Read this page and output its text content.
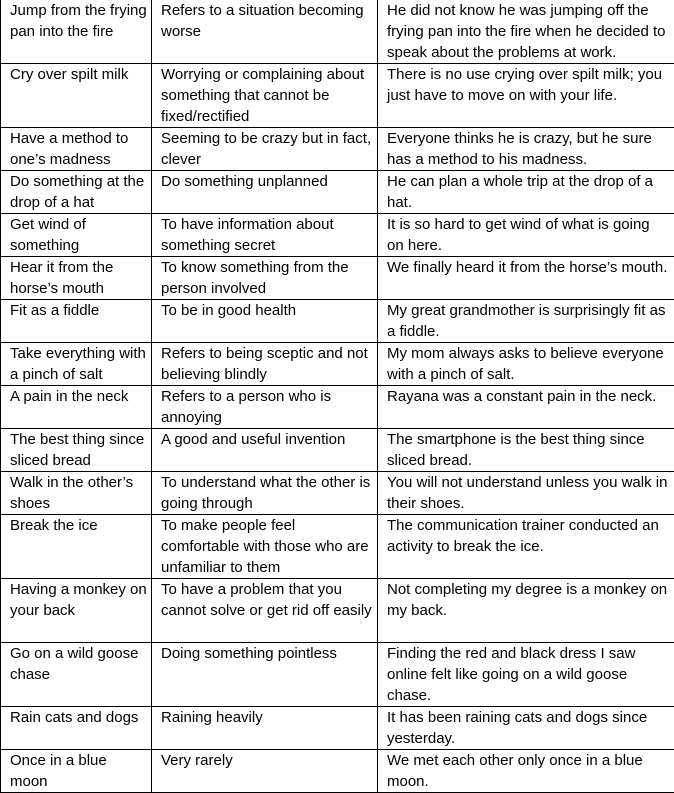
Jump from the frying pan into the fire	Refers to a situation becoming worse	He did not know he was jumping off the frying pan into the fire when he decided to speak about the problems at work.
Cry over spilt milk	Worrying or complaining about something that cannot be fixed/rectified	There is no use crying over spilt milk; you just have to move on with your life.
Have a method to one’s madness	Seeming to be crazy but in fact, clever	Everyone thinks he is crazy, but he sure has a method to his madness.
Do something at the drop of a hat	Do something unplanned	He can plan a whole trip at the drop of a hat.
Get wind of something	To have information about something secret	It is so hard to get wind of what is going on here.
Hear it from the horse’s mouth	To know something from the person involved	We finally heard it from the horse’s mouth.
Fit as a fiddle	To be in good health	My great grandmother is surprisingly fit as a fiddle.
Take everything with a pinch of salt	Refers to being sceptic and not believing blindly	My mom always asks to believe everyone with a pinch of salt.
A pain in the neck	Refers to a person who is annoying	Rayana was a constant pain in the neck.
The best thing since sliced bread	A good and useful invention	The smartphone is the best thing since sliced bread.
Walk in the other’s shoes	To understand what the other is going through	You will not understand unless you walk in their shoes.
Break the ice	To make people feel comfortable with those who are unfamiliar to them	The communication trainer conducted an activity to break the ice.
Having a monkey on your back	To have a problem that you cannot solve or get rid off easily	Not completing my degree is a monkey on my back.
Go on a wild goose chase	Doing something pointless	Finding the red and black dress I saw online felt like going on a wild goose chase.
Rain cats and dogs	Raining heavily	It has been raining cats and dogs since yesterday.
Once in a blue moon	Very rarely	We met each other only once in a blue moon.
